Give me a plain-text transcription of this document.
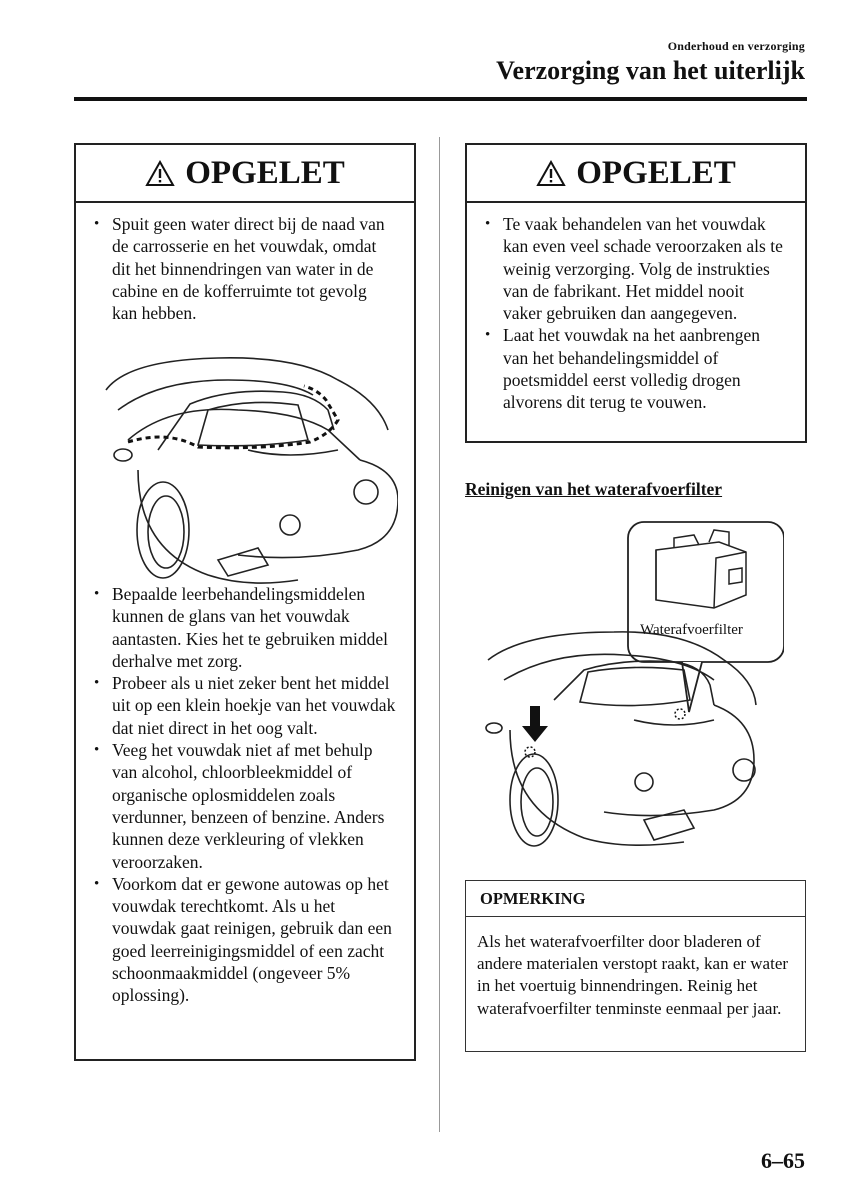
Onderhoud en verzorging
Verzorging van het uiterlijk
OPGELET
• Spuit geen water direct bij de naad van de carrosserie en het vouwdak, omdat dit het binnendringen van water in de cabine en de kofferruimte tot gevolg kan hebben.
• Bepaalde leerbehandelingsmiddelen kunnen de glans van het vouwdak aantasten. Kies het te gebruiken middel derhalve met zorg.
• Probeer als u niet zeker bent het middel uit op een klein hoekje van het vouwdak dat niet direct in het oog valt.
• Veeg het vouwdak niet af met behulp van alcohol, chloorbleekmiddel of organische oplosmiddelen zoals verdunner, benzeen of benzine. Anders kunnen deze verkleuring of vlekken veroorzaken.
• Voorkom dat er gewone autowas op het vouwdak terechtkomt. Als u het vouwdak gaat reinigen, gebruik dan een goed leerreinigingsmiddel of een zacht schoonmaakmiddel (ongeveer 5% oplossing).
OPGELET
• Te vaak behandelen van het vouwdak kan even veel schade veroorzaken als te weinig verzorging. Volg de instrukties van de fabrikant. Het middel nooit vaker gebruiken dan aangegeven.
• Laat het vouwdak na het aanbrengen van het behandelingsmiddel of poetsmiddel eerst volledig drogen alvorens dit terug te vouwen.
Reinigen van het waterafvoerfilter
Waterafvoerfilter
OPMERKING
Als het waterafvoerfilter door bladeren of andere materialen verstopt raakt, kan er water in het voertuig binnendringen. Reinig het waterafvoerfilter tenminste eenmaal per jaar.
6–65
